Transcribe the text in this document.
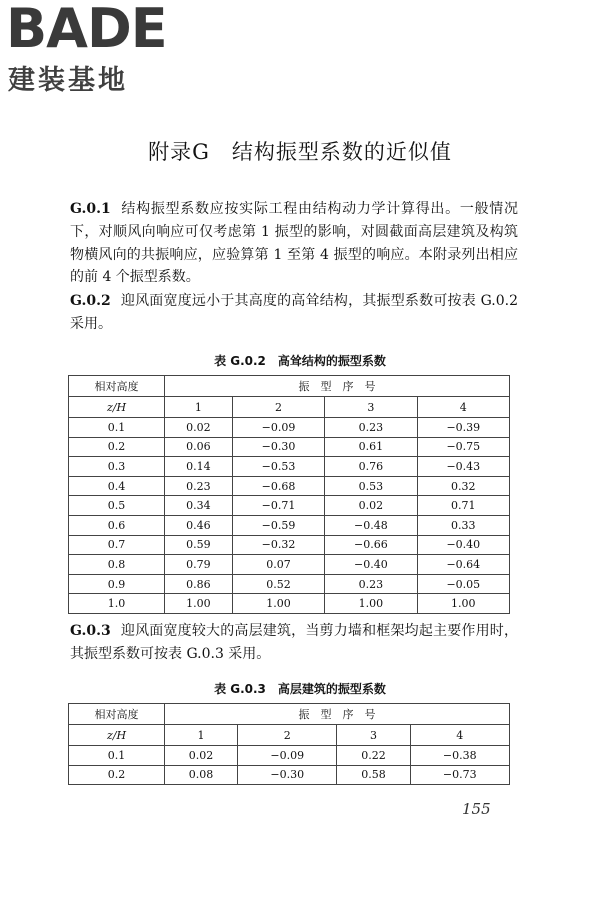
BADE
建装基地
附录G　结构振型系数的近似值

G.0.1 结构振型系数应按实际工程由结构动力学计算得出。一般情况下，对顺风向响应可仅考虑第 1 振型的影响，对圆截面高层建筑及构筑物横风向的共振响应，应验算第 1 至第 4 振型的响应。本附录列出相应的前 4 个振型系数。

G.0.2 迎风面宽度远小于其高度的高耸结构，其振型系数可按表 G.0.2 采用。

表 G.0.2　高耸结构的振型系数
相对高度	振　型　序　号			
z/H	1	2	3	4
0.1	0.02	−0.09	0.23	−0.39
0.2	0.06	−0.30	0.61	−0.75
0.3	0.14	−0.53	0.76	−0.43
0.4	0.23	−0.68	0.53	0.32
0.5	0.34	−0.71	0.02	0.71
0.6	0.46	−0.59	−0.48	0.33
0.7	0.59	−0.32	−0.66	−0.40
0.8	0.79	0.07	−0.40	−0.64
0.9	0.86	0.52	0.23	−0.05
1.0	1.00	1.00	1.00	1.00

G.0.3 迎风面宽度较大的高层建筑，当剪力墙和框架均起主要作用时，其振型系数可按表 G.0.3 采用。

表 G.0.3　高层建筑的振型系数
相对高度	振　型　序　号			
z/H	1	2	3	4
0.1	0.02	−0.09	0.22	−0.38
0.2	0.08	−0.30	0.58	−0.73
155
